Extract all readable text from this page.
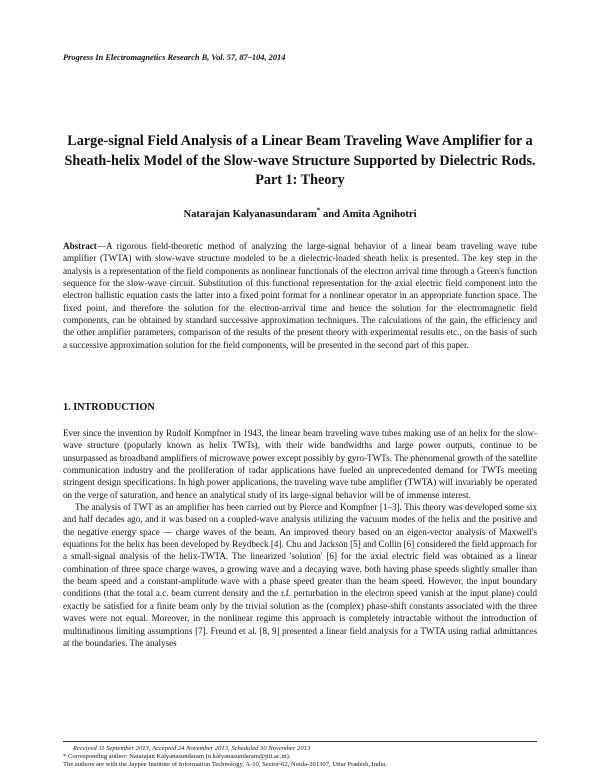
Progress In Electromagnetics Research B, Vol. 57, 87–104, 2014
Large-signal Field Analysis of a Linear Beam Traveling Wave Amplifier for a Sheath-helix Model of the Slow-wave Structure Supported by Dielectric Rods. Part 1: Theory
Natarajan Kalyanasundaram* and Amita Agnihotri
Abstract—A rigorous field-theoretic method of analyzing the large-signal behavior of a linear beam traveling wave tube amplifier (TWTA) with slow-wave structure modeled to be a dielectric-loaded sheath helix is presented. The key step in the analysis is a representation of the field components as nonlinear functionals of the electron arrival time through a Green's function sequence for the slow-wave circuit. Substitution of this functional representation for the axial electric field component into the electron ballistic equation casts the latter into a fixed point format for a nonlinear operator in an appropriate function space. The fixed point, and therefore the solution for the electron-arrival time and hence the solution for the electromagnetic field components, can be obtained by standard successive approximation techniques. The calculations of the gain, the efficiency and the other amplifier parameters, comparison of the results of the present theory with experimental results etc., on the basis of such a successive approximation solution for the field components, will be presented in the second part of this paper.
1. INTRODUCTION

Ever since the invention by Rudolf Kompfner in 1943, the linear beam traveling wave tubes making use of an helix for the slow-wave structure (popularly known as helix TWTs), with their wide bandwidths and large power outputs, continue to be unsurpassed as broadband amplifiers of microwave power except possibly by gyro-TWTs. The phenomenal growth of the satellite communication industry and the proliferation of radar applications have fueled an unprecedented demand for TWTs meeting stringent design specifications. In high power applications, the traveling wave tube amplifier (TWTA) will invariably be operated on the verge of saturation, and hence an analytical study of its large-signal behavior will be of immense interest.

The analysis of TWT as an amplifier has been carried out by Pierce and Kompfner [1–3]. This theory was developed some six and half decades ago, and it was based on a coupled-wave analysis utilizing the vacuum modes of the helix and the positive and the negative energy space — charge waves of the beam. An improved theory based on an eigen-vector analysis of Maxwell's equations for the helix has been developed by Reydbeck [4]. Chu and Jackson [5] and Collin [6] considered the field approach for a small-signal analysis of the helix-TWTA. The linearized 'solution' [6] for the axial electric field was obtained as a linear combination of three space charge waves, a growing wave and a decaying wave, both having phase speeds slightly smaller than the beam speed and a constant-amplitude wave with a phase speed greater than the beam speed. However, the input boundary conditions (that the total a.c. beam current density and the r.f. perturbation in the electron speed vanish at the input plane) could exactly be satisfied for a finite beam only by the trivial solution as the (complex) phase-shift constants associated with the three waves were not equal. Moreover, in the nonlinear regime this approach is completely intractable without the introduction of multitudinous limiting assumptions [7]. Freund et al. [8, 9] presented a linear field analysis for a TWTA using radial admittances at the boundaries. The analyses

Received 11 September 2013, Accepted 24 November 2013, Scheduled 30 November 2013
* Corresponding author: Natarajan Kalyanasundaram (n.kalyanasundaram@jiit.ac.in).
The authors are with the Jaypee Institute of Information Technology, A-10, Sector-62, Noida-201307, Uttar Pradesh, India.
